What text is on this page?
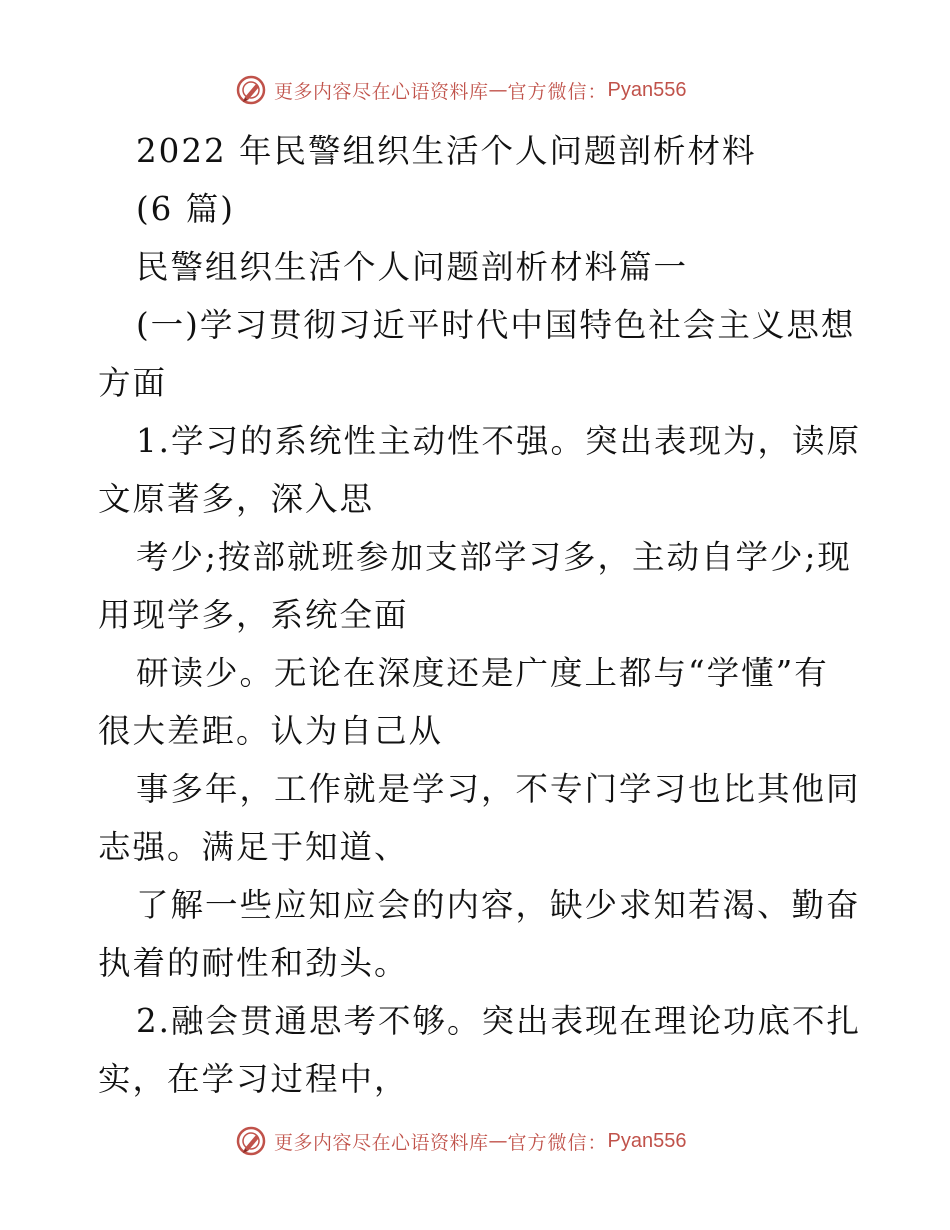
更多内容尽在心语资料库 — 官方微信： Pyan556
2022 年民警组织生活个人问题剖析材料
(6 篇)
民警组织生活个人问题剖析材料篇一
(一)学习贯彻习近平时代中国特色社会主义思想
方面
1.学习的系统性主动性不强。突出表现为，读原
文原著多，深入思
考少;按部就班参加支部学习多，主动自学少;现
用现学多，系统全面
研读少。无论在深度还是广度上都与“学懂”有
很大差距。认为自己从
事多年，工作就是学习，不专门学习也比其他同
志强。满足于知道、
了解一些应知应会的内容，缺少求知若渴、勤奋
执着的耐性和劲头。
2.融会贯通思考不够。突出表现在理论功底不扎
实，在学习过程中，
更多内容尽在心语资料库 — 官方微信： Pyan556
